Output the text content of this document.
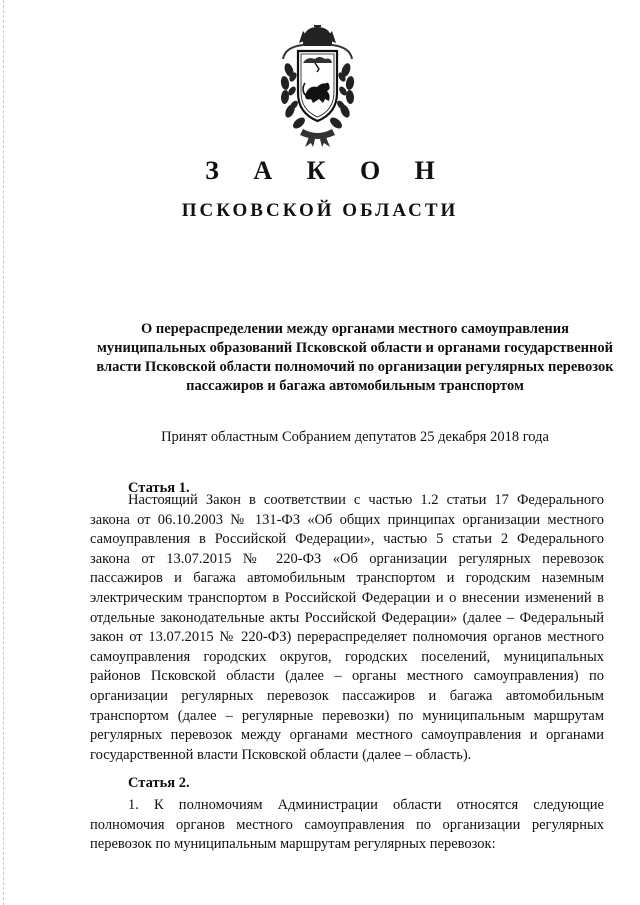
З А К О Н
ПСКОВСКОЙ ОБЛАСТИ

О перераспределении между органами местного самоуправления муниципальных образований Псковской области и органами государственной власти Псковской области полномочий по организации регулярных перевозок пассажиров и багажа автомобильным транспортом

Принят областным Собранием депутатов 25 декабря 2018 года

Статья 1.

Настоящий Закон в соответствии с частью 1.2 статьи 17 Федерального закона от 06.10.2003 № 131-ФЗ «Об общих принципах организации местного самоуправления в Российской Федерации», частью 5 статьи 2 Федерального закона от 13.07.2015 № 220-ФЗ «Об организации регулярных перевозок пассажиров и багажа автомобильным транспортом и городским наземным электрическим транспортом в Российской Федерации и о внесении изменений в отдельные законодательные акты Российской Федерации» (далее – Федеральный закон от 13.07.2015 № 220-ФЗ) перераспределяет полномочия органов местного самоуправления городских округов, городских поселений, муниципальных районов Псковской области (далее – органы местного самоуправления) по организации регулярных перевозок пассажиров и багажа автомобильным транспортом (далее – регулярные перевозки) по муниципальным маршрутам регулярных перевозок между органами местного самоуправления и органами государственной власти Псковской области (далее – область).

Статья 2.

1. К полномочиям Администрации области относятся следующие полномочия органов местного самоуправления по организации регулярных перевозок по муниципальным маршрутам регулярных перевозок:
